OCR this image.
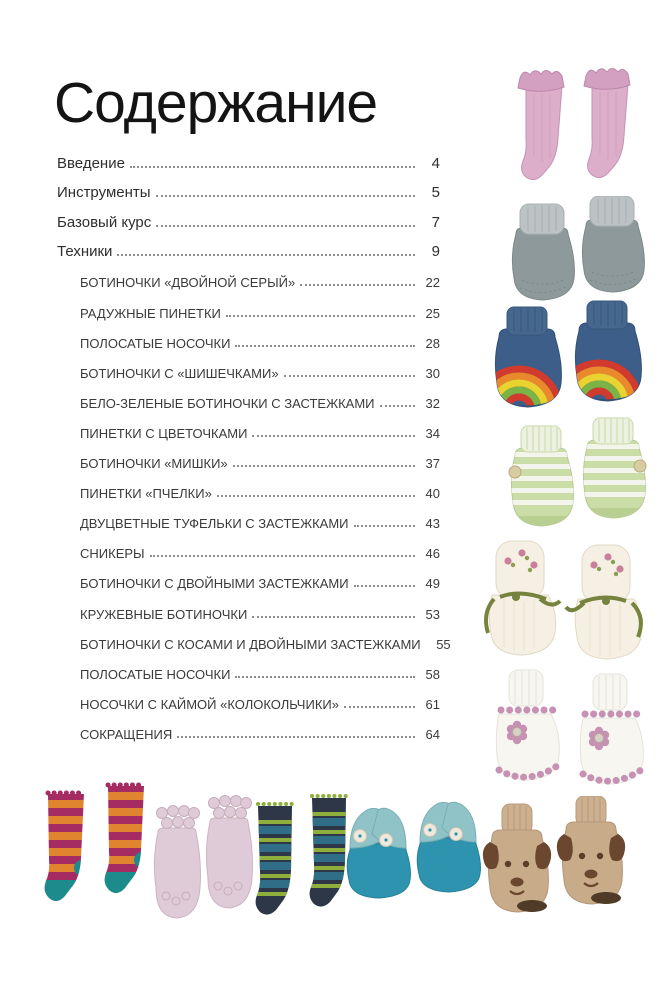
Содержание
Введение	4
Инструменты	5
Базовый курс	7
Техники	9
БОТИНОЧКИ «ДВОЙНОЙ СЕРЫЙ»	22
РАДУЖНЫЕ ПИНЕТКИ	25
ПОЛОСАТЫЕ НОСОЧКИ	28
БОТИНОЧКИ С «ШИШЕЧКАМИ»	30
БЕЛО-ЗЕЛЕНЫЕ БОТИНОЧКИ С ЗАСТЕЖКАМИ	32
ПИНЕТКИ С ЦВЕТОЧКАМИ	34
БОТИНОЧКИ «МИШКИ»	37
ПИНЕТКИ «ПЧЕЛКИ»	40
ДВУЦВЕТНЫЕ ТУФЕЛЬКИ С ЗАСТЕЖКАМИ	43
СНИКЕРЫ	46
БОТИНОЧКИ С ДВОЙНЫМИ ЗАСТЕЖКАМИ	49
КРУЖЕВНЫЕ БОТИНОЧКИ	53
БОТИНОЧКИ С КОСАМИ И ДВОЙНЫМИ ЗАСТЕЖКАМИ	55
ПОЛОСАТЫЕ НОСОЧКИ	58
НОСОЧКИ С КАЙМОЙ «КОЛОКОЛЬЧИКИ»	61
СОКРАЩЕНИЯ	64
